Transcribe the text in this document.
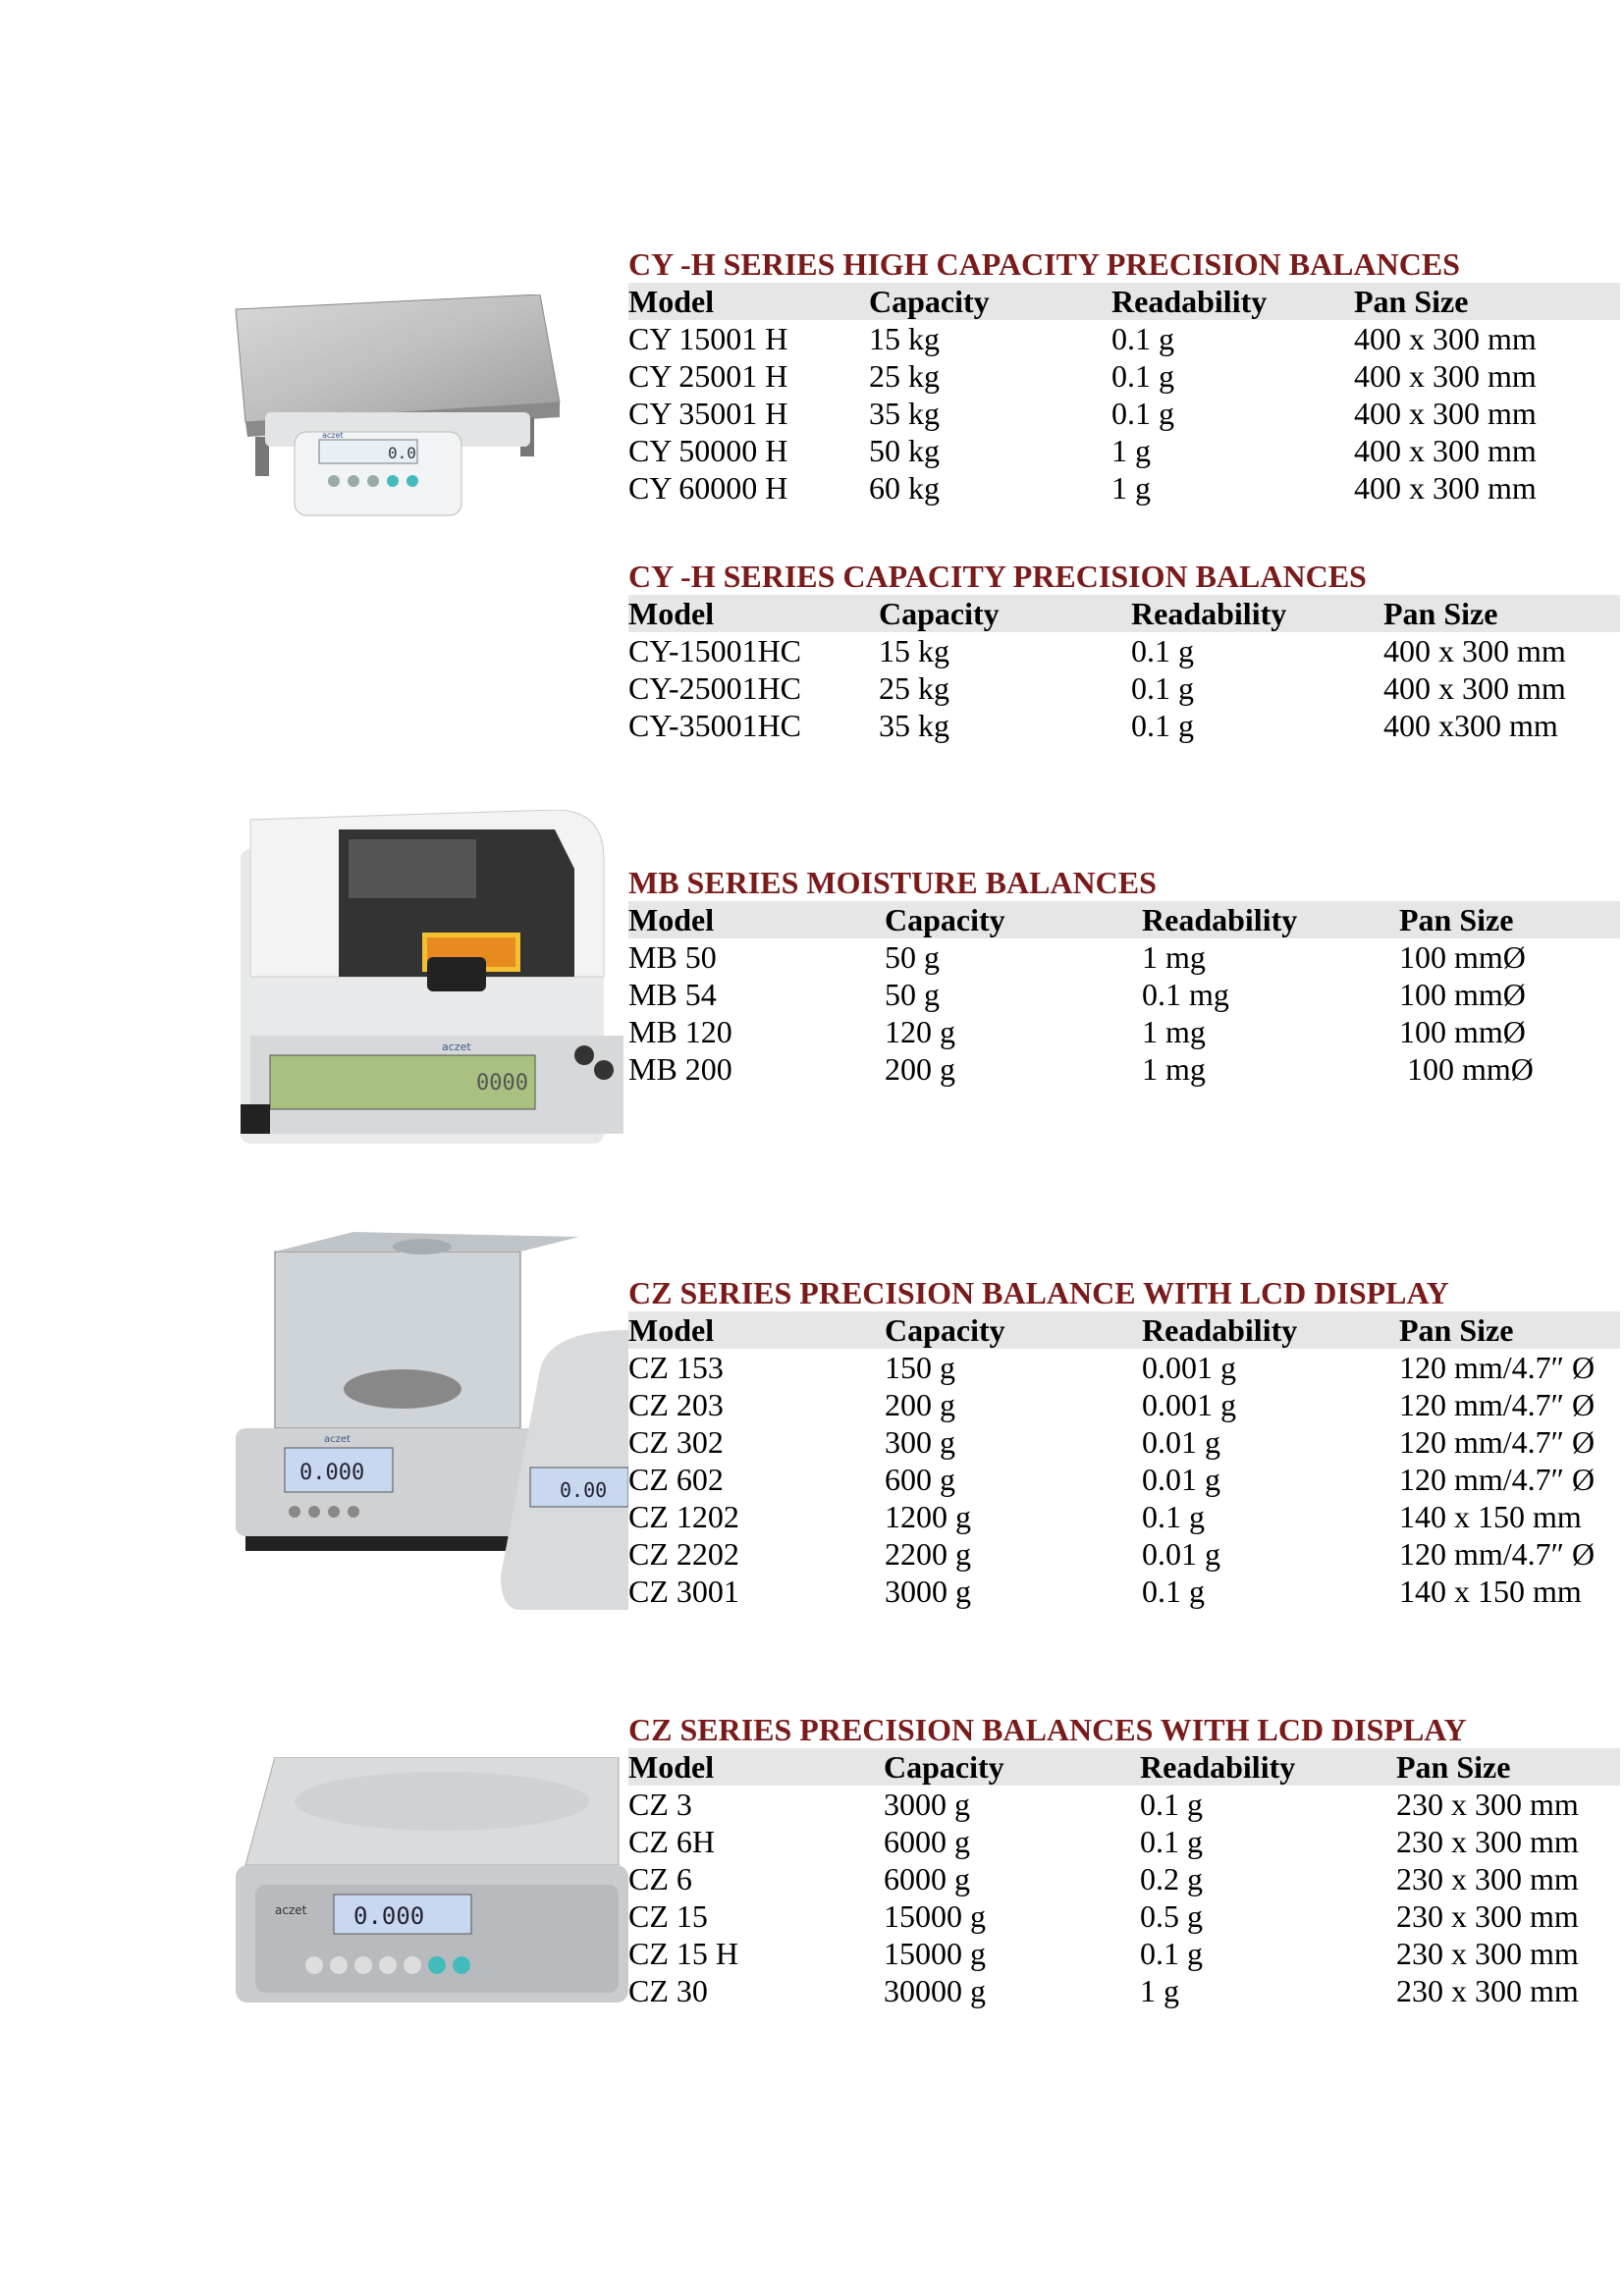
0.0
aczet
0000
aczet
0.000
aczet
0.00
0.000
aczet
CY -H SERIES HIGH CAPACITY PRECISION BALANCES
Model	Capacity	Readability	Pan Size
CY 15001 H	15 kg	0.1 g	400 x 300 mm
CY 25001 H	25 kg	0.1 g	400 x 300 mm
CY 35001 H	35 kg	0.1 g	400 x 300 mm
CY 50000 H	50 kg	1 g	400 x 300 mm
CY 60000 H	60 kg	1 g	400 x 300 mm
CY -H SERIES CAPACITY PRECISION BALANCES
Model	Capacity	Readability	Pan Size
CY-15001HC	15 kg	0.1 g	400 x 300 mm
CY-25001HC	25 kg	0.1 g	400 x 300 mm
CY-35001HC	35 kg	0.1 g	400 x300 mm
MB SERIES MOISTURE BALANCES
Model	Capacity	Readability	Pan Size
MB 50	50 g	1 mg	100 mmØ
MB 54	50 g	0.1 mg	100 mmØ
MB 120	120 g	1 mg	100 mmØ
MB 200	200 g	1 mg	100 mmØ
CZ SERIES PRECISION BALANCE WITH LCD DISPLAY
Model	Capacity	Readability	Pan Size
CZ 153	150 g	0.001 g	120 mm/4.7″ Ø
CZ 203	200 g	0.001 g	120 mm/4.7″ Ø
CZ 302	300 g	0.01 g	120 mm/4.7″ Ø
CZ 602	600 g	0.01 g	120 mm/4.7″ Ø
CZ 1202	1200 g	0.1 g	140 x 150 mm
CZ 2202	2200 g	0.01 g	120 mm/4.7″ Ø
CZ 3001	3000 g	0.1 g	140 x 150 mm
CZ SERIES PRECISION BALANCES WITH LCD DISPLAY
Model	Capacity	Readability	Pan Size
CZ 3	3000 g	0.1 g	230 x 300 mm
CZ 6H	6000 g	0.1 g	230 x 300 mm
CZ 6	6000 g	0.2 g	230 x 300 mm
CZ 15	15000 g	0.5 g	230 x 300 mm
CZ 15 H	15000 g	0.1 g	230 x 300 mm
CZ 30	30000 g	1 g	230 x 300 mm
